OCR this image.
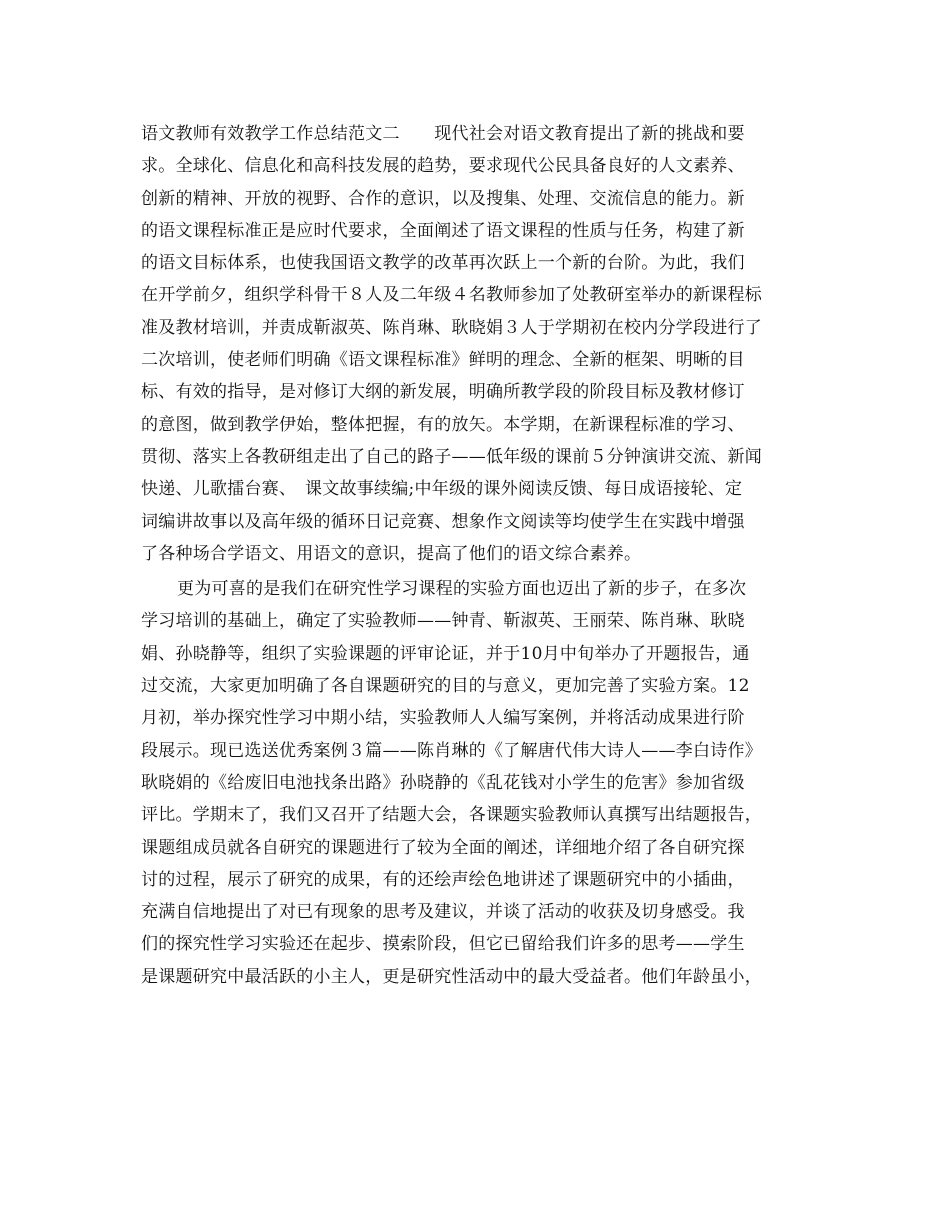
语文教师有效教学工作总结范文二　　现代社会对语文教育提出了新的挑战和要
求。全球化、信息化和高科技发展的趋势，要求现代公民具备良好的人文素养、
创新的精神、开放的视野、合作的意识，以及搜集、处理、交流信息的能力。新
的语文课程标准正是应时代要求，全面阐述了语文课程的性质与任务，构建了新
的语文目标体系，也使我国语文教学的改革再次跃上一个新的台阶。为此，我们
在开学前夕，组织学科骨干８人及二年级４名教师参加了处教研室举办的新课程标
准及教材培训，并责成靳淑英、陈肖琳、耿晓娟３人于学期初在校内分学段进行了
二次培训，使老师们明确《语文课程标准》鲜明的理念、全新的框架、明晰的目
标、有效的指导，是对修订大纲的新发展，明确所教学段的阶段目标及教材修订
的意图，做到教学伊始，整体把握，有的放矢。本学期，在新课程标准的学习、
贯彻、落实上各教研组走出了自己的路子——低年级的课前５分钟演讲交流、新闻
快递、儿歌擂台赛、　课文故事续编;中年级的课外阅读反馈、每日成语接轮、定
词编讲故事以及高年级的循环日记竞赛、想象作文阅读等均使学生在实践中增强
了各种场合学语文、用语文的意识，提高了他们的语文综合素养。
更为可喜的是我们在研究性学习课程的实验方面也迈出了新的步子，在多次
学习培训的基础上，确定了实验教师——钟青、靳淑英、王丽荣、陈肖琳、耿晓
娟、孙晓静等，组织了实验课题的评审论证，并于10月中旬举办了开题报告，通
过交流，大家更加明确了各自课题研究的目的与意义，更加完善了实验方案。12
月初，举办探究性学习中期小结，实验教师人人编写案例，并将活动成果进行阶
段展示。现已选送优秀案例３篇——陈肖琳的《了解唐代伟大诗人——李白诗作》
耿晓娟的《给废旧电池找条出路》孙晓静的《乱花钱对小学生的危害》参加省级
评比。学期末了，我们又召开了结题大会，各课题实验教师认真撰写出结题报告，
课题组成员就各自研究的课题进行了较为全面的阐述，详细地介绍了各自研究探
讨的过程，展示了研究的成果，有的还绘声绘色地讲述了课题研究中的小插曲，
充满自信地提出了对已有现象的思考及建议，并谈了活动的收获及切身感受。我
们的探究性学习实验还在起步、摸索阶段，但它已留给我们许多的思考——学生
是课题研究中最活跃的小主人，更是研究性活动中的最大受益者。他们年龄虽小，
